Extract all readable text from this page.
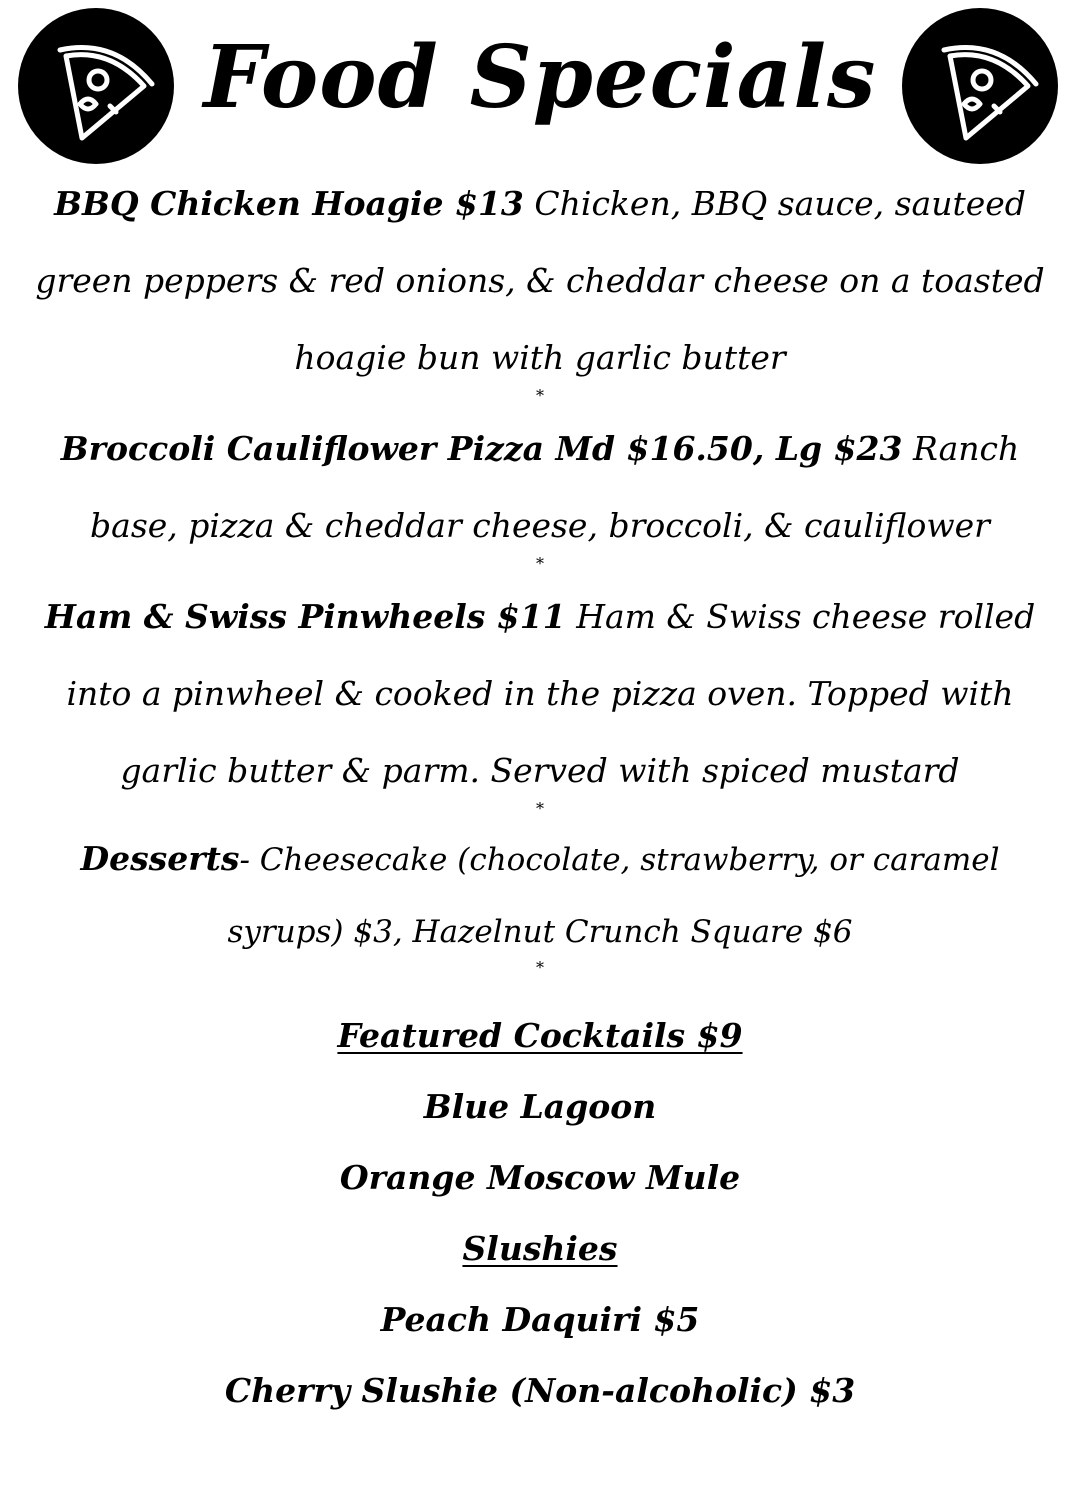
Food Specials

BBQ Chicken Hoagie $13 Chicken, BBQ sauce, sauteed green peppers & red onions, & cheddar cheese on a toasted hoagie bun with garlic butter

*

Broccoli Cauliflower Pizza Md $16.50, Lg $23 Ranch base, pizza & cheddar cheese, broccoli, & cauliflower

*

Ham & Swiss Pinwheels $11 Ham & Swiss cheese rolled into a pinwheel & cooked in the pizza oven. Topped with garlic butter & parm. Served with spiced mustard

*

Desserts- Cheesecake (chocolate, strawberry, or caramel syrups) $3, Hazelnut Crunch Square $6

*

Featured Cocktails $9

Blue Lagoon

Orange Moscow Mule

Slushies

Peach Daquiri $5

Cherry Slushie (Non-alcoholic) $3
